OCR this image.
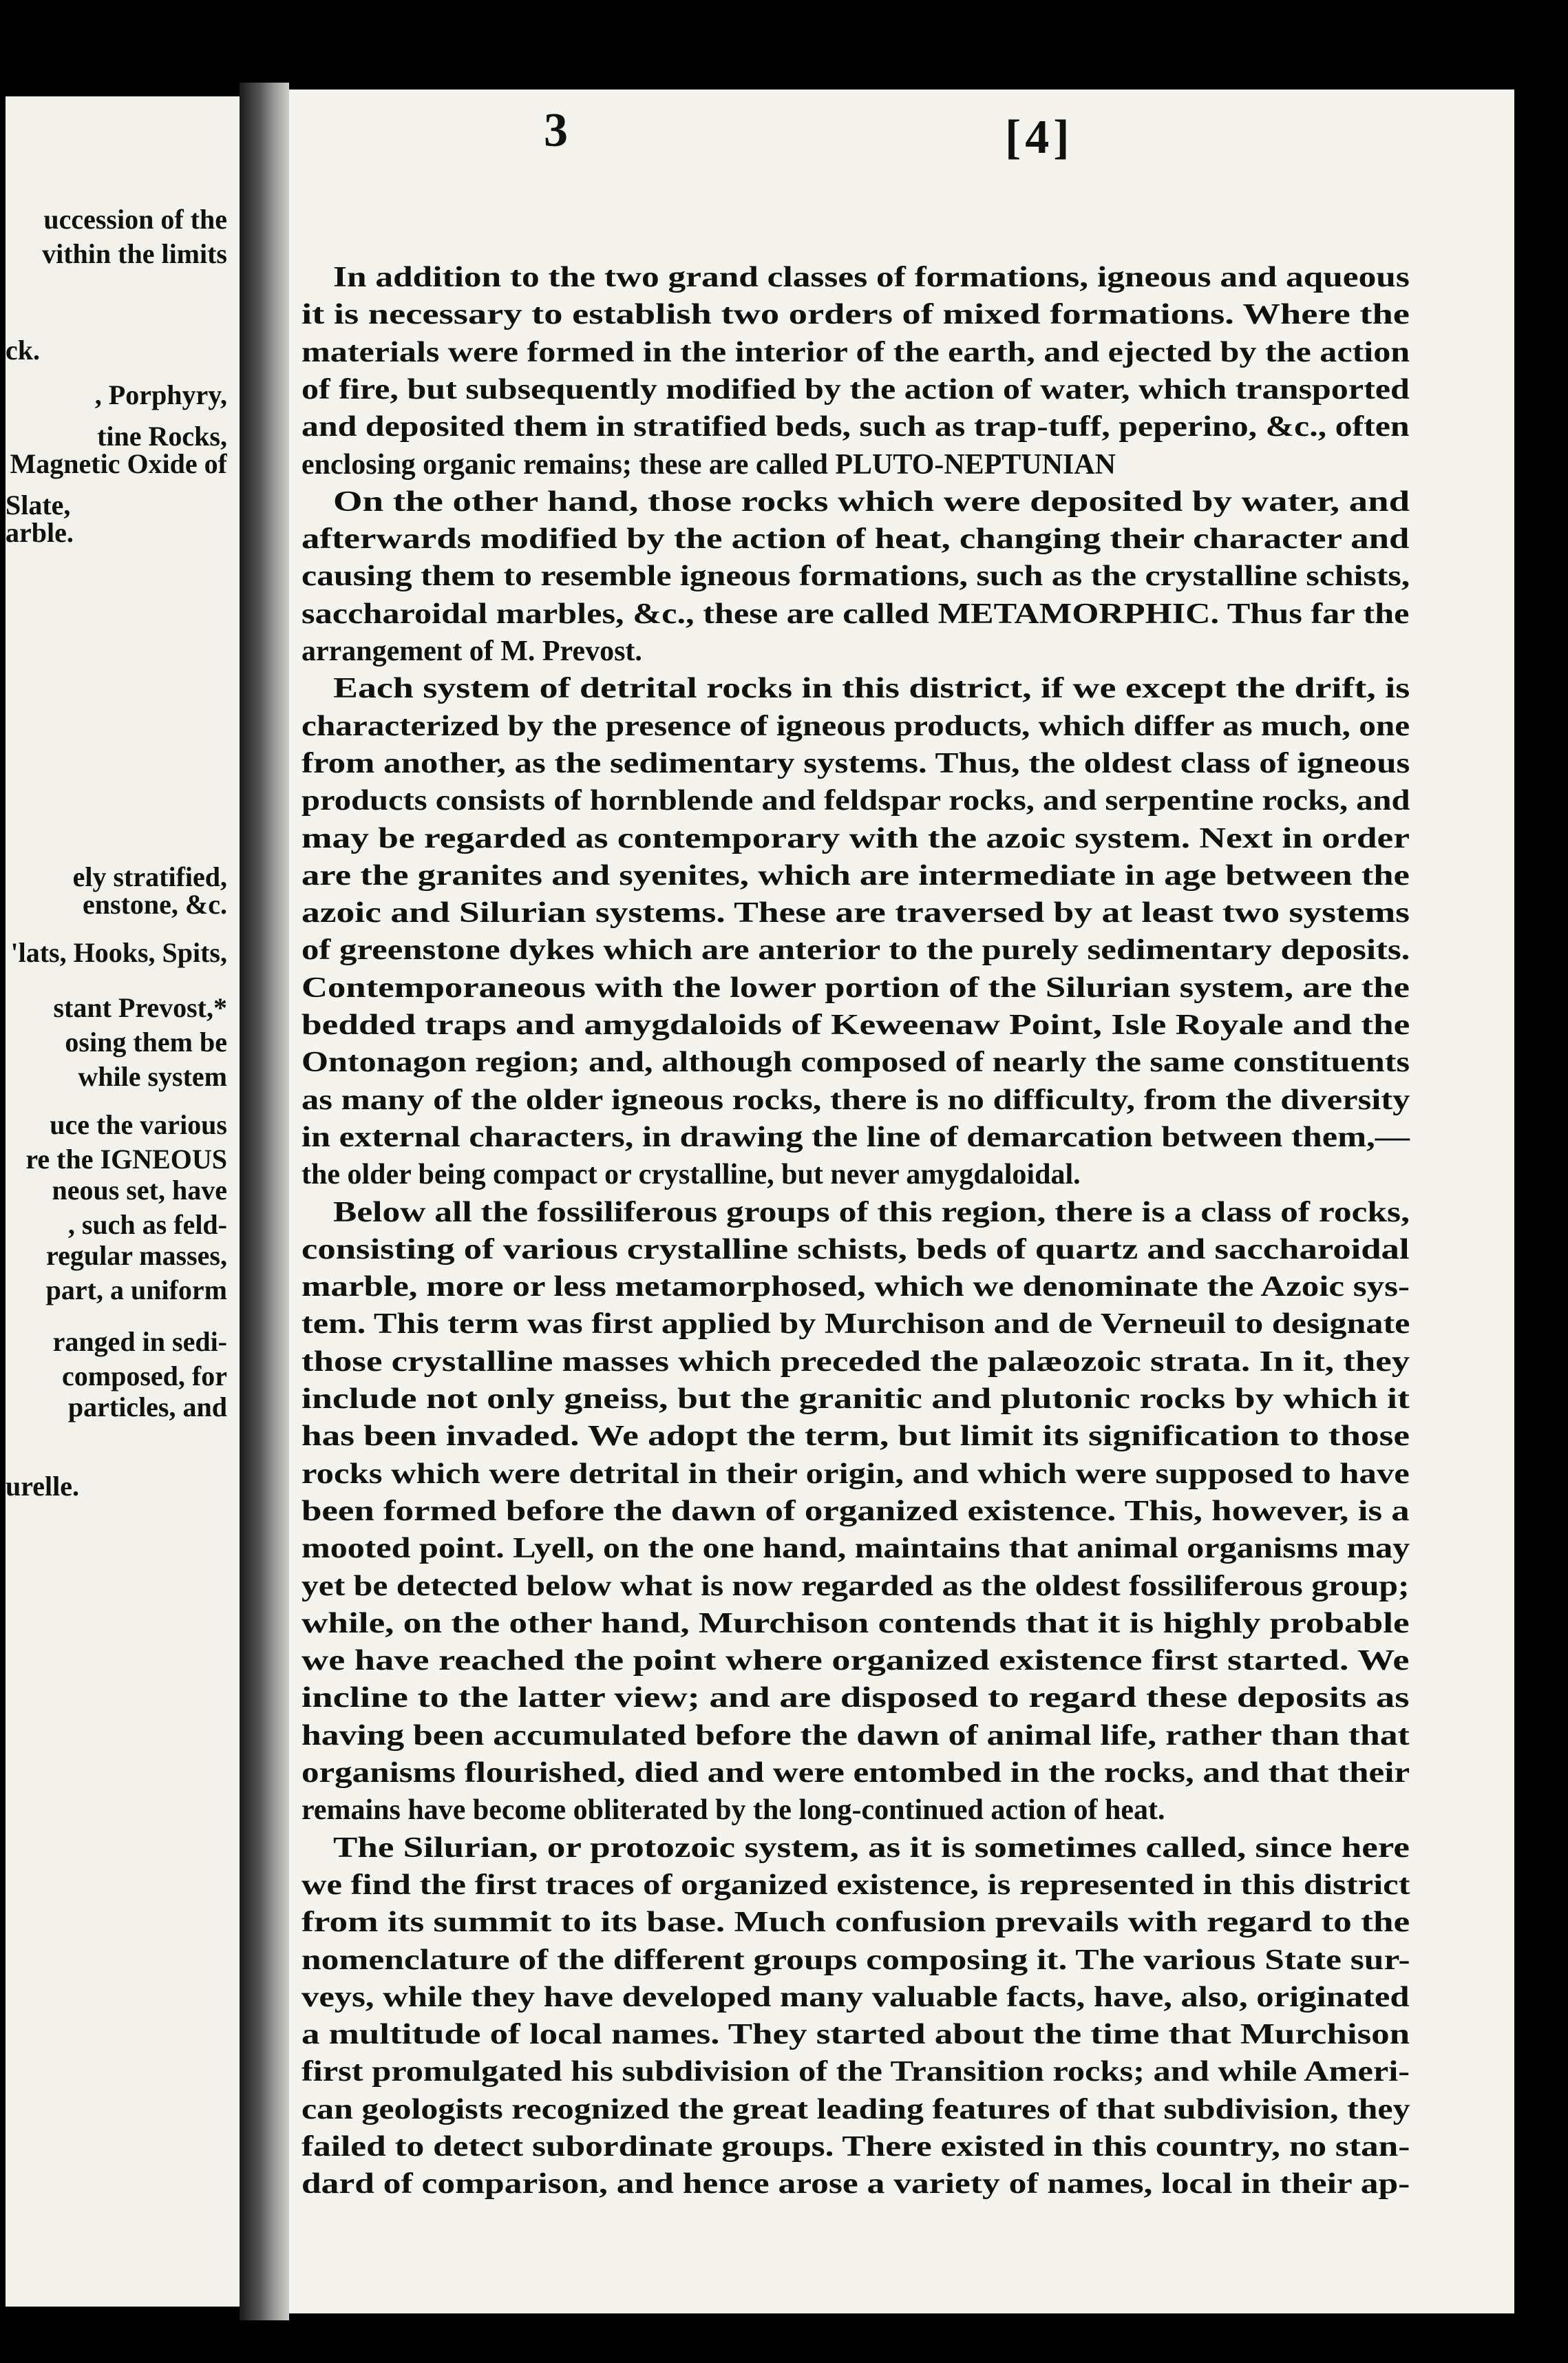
uccession of the
vithin the limits
ck.
, Porphyry,
tine Rocks,
Magnetic Oxide of
Slate,
arble.
ely stratified,
enstone, &c.
'lats, Hooks, Spits,
stant Prevost,*
osing them be
while system
uce the various
re the IGNEOUS
neous set, have
, such as feld-
regular masses,
part, a uniform
ranged in sedi-
composed, for
particles, and
urelle.
In addition to the two grand classes of formations, igneous and aqueous
it is necessary to establish two orders of mixed formations. Where the
materials were formed in the interior of the earth, and ejected by the action
of fire, but subsequently modified by the action of water, which transported
and deposited them in stratified beds, such as trap-tuff, peperino, &c., often
enclosing organic remains; these are called PLUTO-NEPTUNIAN
On the other hand, those rocks which were deposited by water, and
afterwards modified by the action of heat, changing their character and
causing them to resemble igneous formations, such as the crystalline schists,
saccharoidal marbles, &c., these are called METAMORPHIC. Thus far the
arrangement of M. Prevost.
Each system of detrital rocks in this district, if we except the drift, is
characterized by the presence of igneous products, which differ as much, one
from another, as the sedimentary systems. Thus, the oldest class of igneous
products consists of hornblende and feldspar rocks, and serpentine rocks, and
may be regarded as contemporary with the azoic system. Next in order
are the granites and syenites, which are intermediate in age between the
azoic and Silurian systems. These are traversed by at least two systems
of greenstone dykes which are anterior to the purely sedimentary deposits.
Contemporaneous with the lower portion of the Silurian system, are the
bedded traps and amygdaloids of Keweenaw Point, Isle Royale and the
Ontonagon region; and, although composed of nearly the same constituents
as many of the older igneous rocks, there is no difficulty, from the diversity
in external characters, in drawing the line of demarcation between them,—
the older being compact or crystalline, but never amygdaloidal.
Below all the fossiliferous groups of this region, there is a class of rocks,
consisting of various crystalline schists, beds of quartz and saccharoidal
marble, more or less metamorphosed, which we denominate the Azoic sys-
tem. This term was first applied by Murchison and de Verneuil to designate
those crystalline masses which preceded the palæozoic strata. In it, they
include not only gneiss, but the granitic and plutonic rocks by which it
has been invaded. We adopt the term, but limit its signification to those
rocks which were detrital in their origin, and which were supposed to have
been formed before the dawn of organized existence. This, however, is a
mooted point. Lyell, on the one hand, maintains that animal organisms may
yet be detected below what is now regarded as the oldest fossiliferous group;
while, on the other hand, Murchison contends that it is highly probable
we have reached the point where organized existence first started. We
incline to the latter view; and are disposed to regard these deposits as
having been accumulated before the dawn of animal life, rather than that
organisms flourished, died and were entombed in the rocks, and that their
remains have become obliterated by the long-continued action of heat.
The Silurian, or protozoic system, as it is sometimes called, since here
we find the first traces of organized existence, is represented in this district
from its summit to its base. Much confusion prevails with regard to the
nomenclature of the different groups composing it. The various State sur-
veys, while they have developed many valuable facts, have, also, originated
a multitude of local names. They started about the time that Murchison
first promulgated his subdivision of the Transition rocks; and while Ameri-
can geologists recognized the great leading features of that subdivision, they
failed to detect subordinate groups. There existed in this country, no stan-
dard of comparison, and hence arose a variety of names, local in their ap-
3	[4]
